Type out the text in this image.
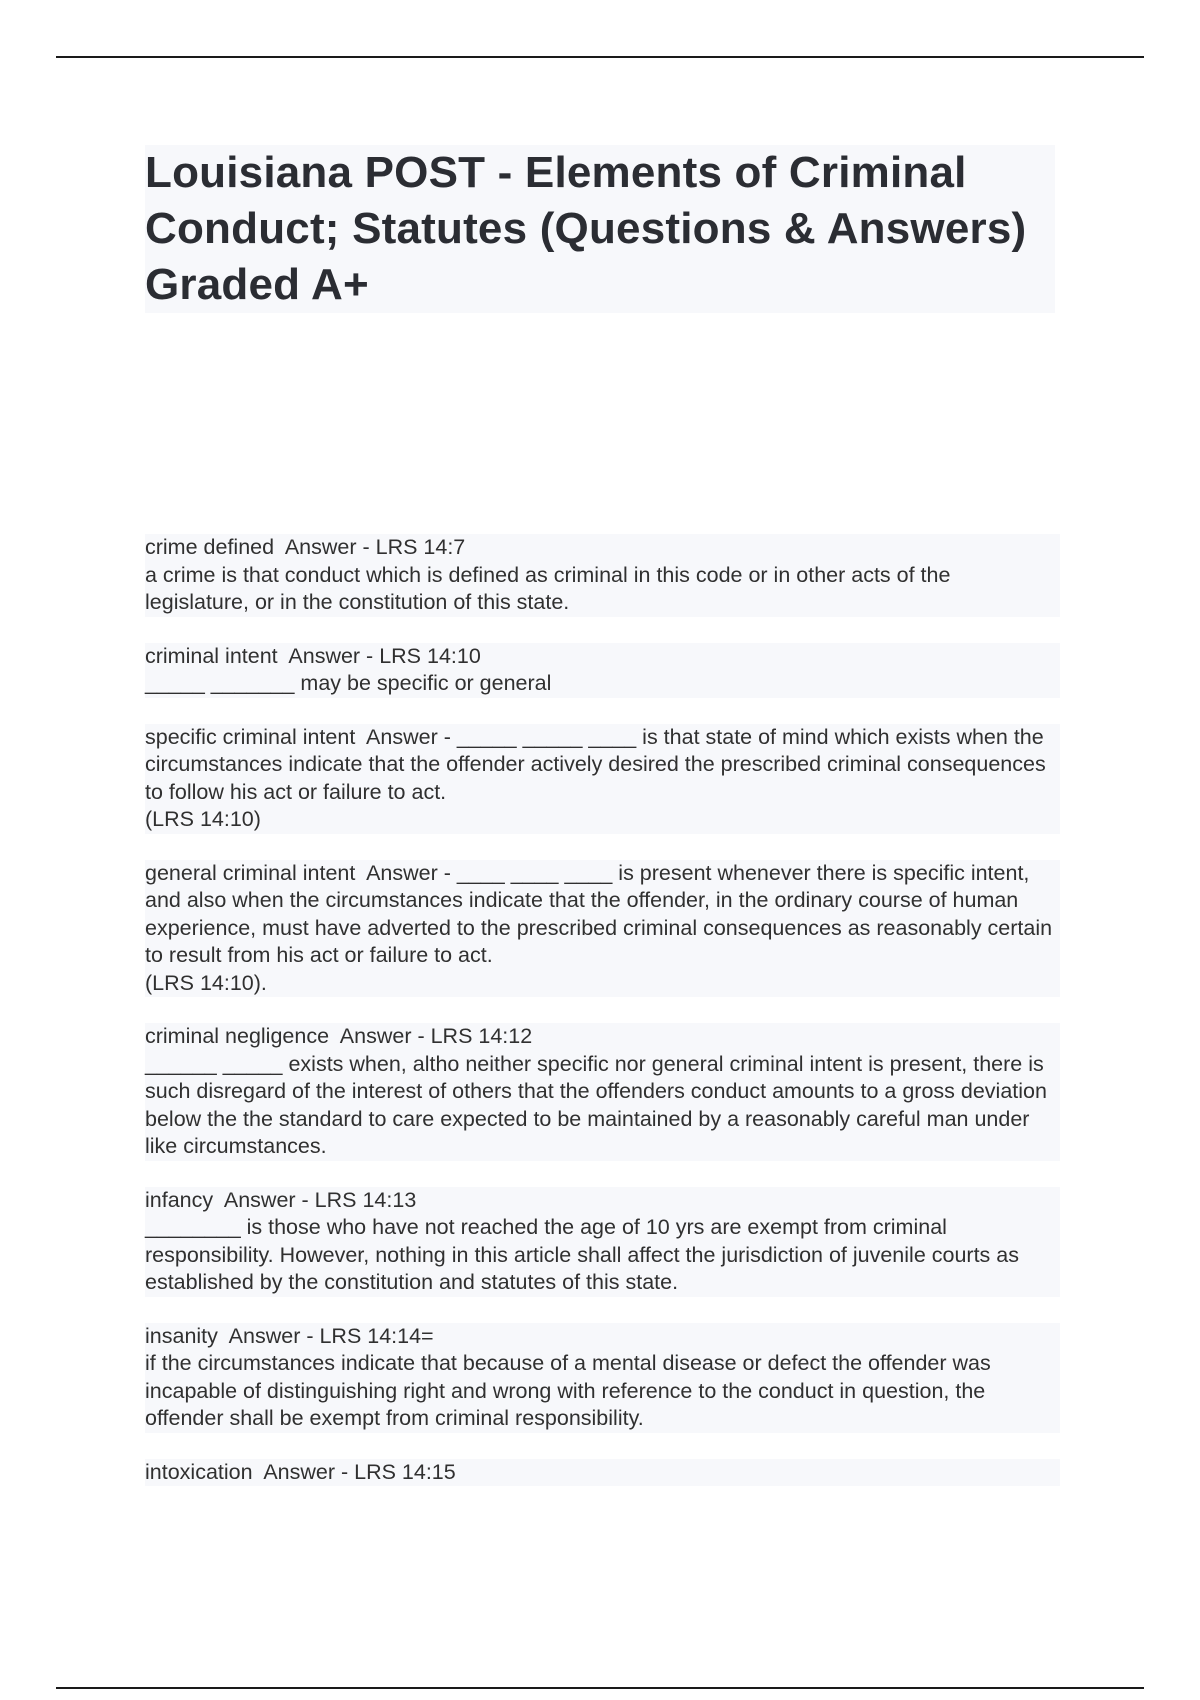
Louisiana POST - Elements of Criminal Conduct; Statutes (Questions & Answers) Graded A+

crime defined  Answer - LRS 14:7

a crime is that conduct which is defined as criminal in this code or in other acts of the legislature, or in the constitution of this state.

criminal intent  Answer - LRS 14:10

_____ _______ may be specific or general

specific criminal intent  Answer - _____ _____ ____ is that state of mind which exists when the circumstances indicate that the offender actively desired the prescribed criminal consequences to follow his act or failure to act.

(LRS 14:10)

general criminal intent  Answer - ____ ____ ____ is present whenever there is specific intent, and also when the circumstances indicate that the offender, in the ordinary course of human experience, must have adverted to the prescribed criminal consequences as reasonably certain to result from his act or failure to act.

(LRS 14:10).

criminal negligence  Answer - LRS 14:12

______ _____ exists when, altho neither specific nor general criminal intent is present, there is such disregard of the interest of others that the offenders conduct amounts to a gross deviation below the the standard to care expected to be maintained by a reasonably careful man under like circumstances.

infancy  Answer - LRS 14:13

________ is those who have not reached the age of 10 yrs are exempt from criminal responsibility. However, nothing in this article shall affect the jurisdiction of juvenile courts as established by the constitution and statutes of this state.

insanity  Answer - LRS 14:14=

if the circumstances indicate that because of a mental disease or defect the offender was incapable of distinguishing right and wrong with reference to the conduct in question, the offender shall be exempt from criminal responsibility.

intoxication  Answer - LRS 14:15
